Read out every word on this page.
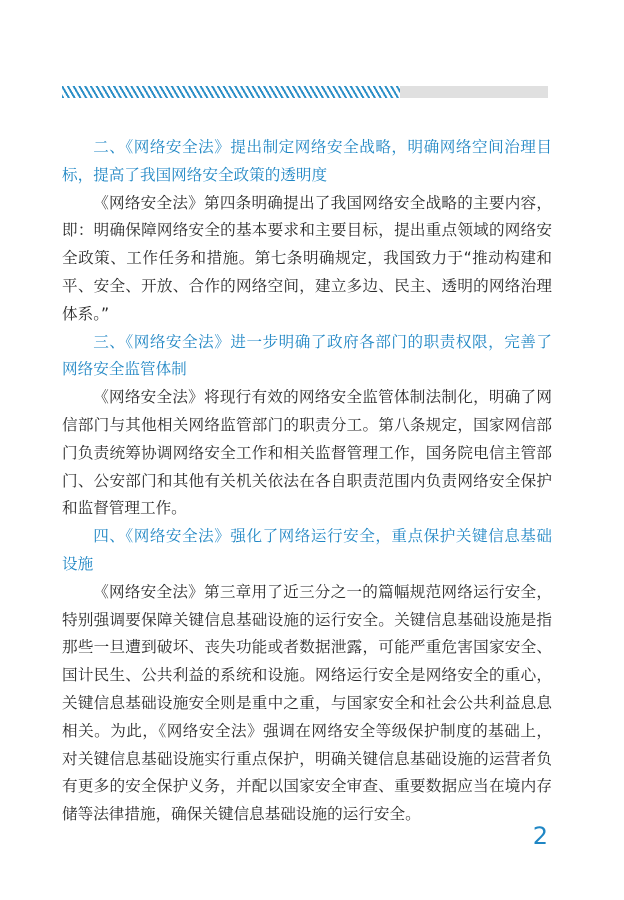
二、《网络安全法》提出制定网络安全战略，明确网络空间治理目标，提高了我国网络安全政策的透明度

《网络安全法》第四条明确提出了我国网络安全战略的主要内容，即：明确保障网络安全的基本要求和主要目标，提出重点领域的网络安全政策、工作任务和措施。第七条明确规定，我国致力于“推动构建和平、安全、开放、合作的网络空间，建立多边、民主、透明的网络治理体系。”

三、《网络安全法》进一步明确了政府各部门的职责权限，完善了网络安全监管体制

《网络安全法》将现行有效的网络安全监管体制法制化，明确了网信部门与其他相关网络监管部门的职责分工。第八条规定，国家网信部门负责统筹协调网络安全工作和相关监督管理工作，国务院电信主管部门、公安部门和其他有关机关依法在各自职责范围内负责网络安全保护和监督管理工作。

四、《网络安全法》强化了网络运行安全，重点保护关键信息基础设施

《网络安全法》第三章用了近三分之一的篇幅规范网络运行安全，特别强调要保障关键信息基础设施的运行安全。关键信息基础设施是指那些一旦遭到破坏、丧失功能或者数据泄露，可能严重危害国家安全、国计民生、公共利益的系统和设施。网络运行安全是网络安全的重心，关键信息基础设施安全则是重中之重，与国家安全和社会公共利益息息相关。为此，《网络安全法》强调在网络安全等级保护制度的基础上，对关键信息基础设施实行重点保护，明确关键信息基础设施的运营者负有更多的安全保护义务，并配以国家安全审查、重要数据应当在境内存储等法律措施，确保关键信息基础设施的运行安全。

2
